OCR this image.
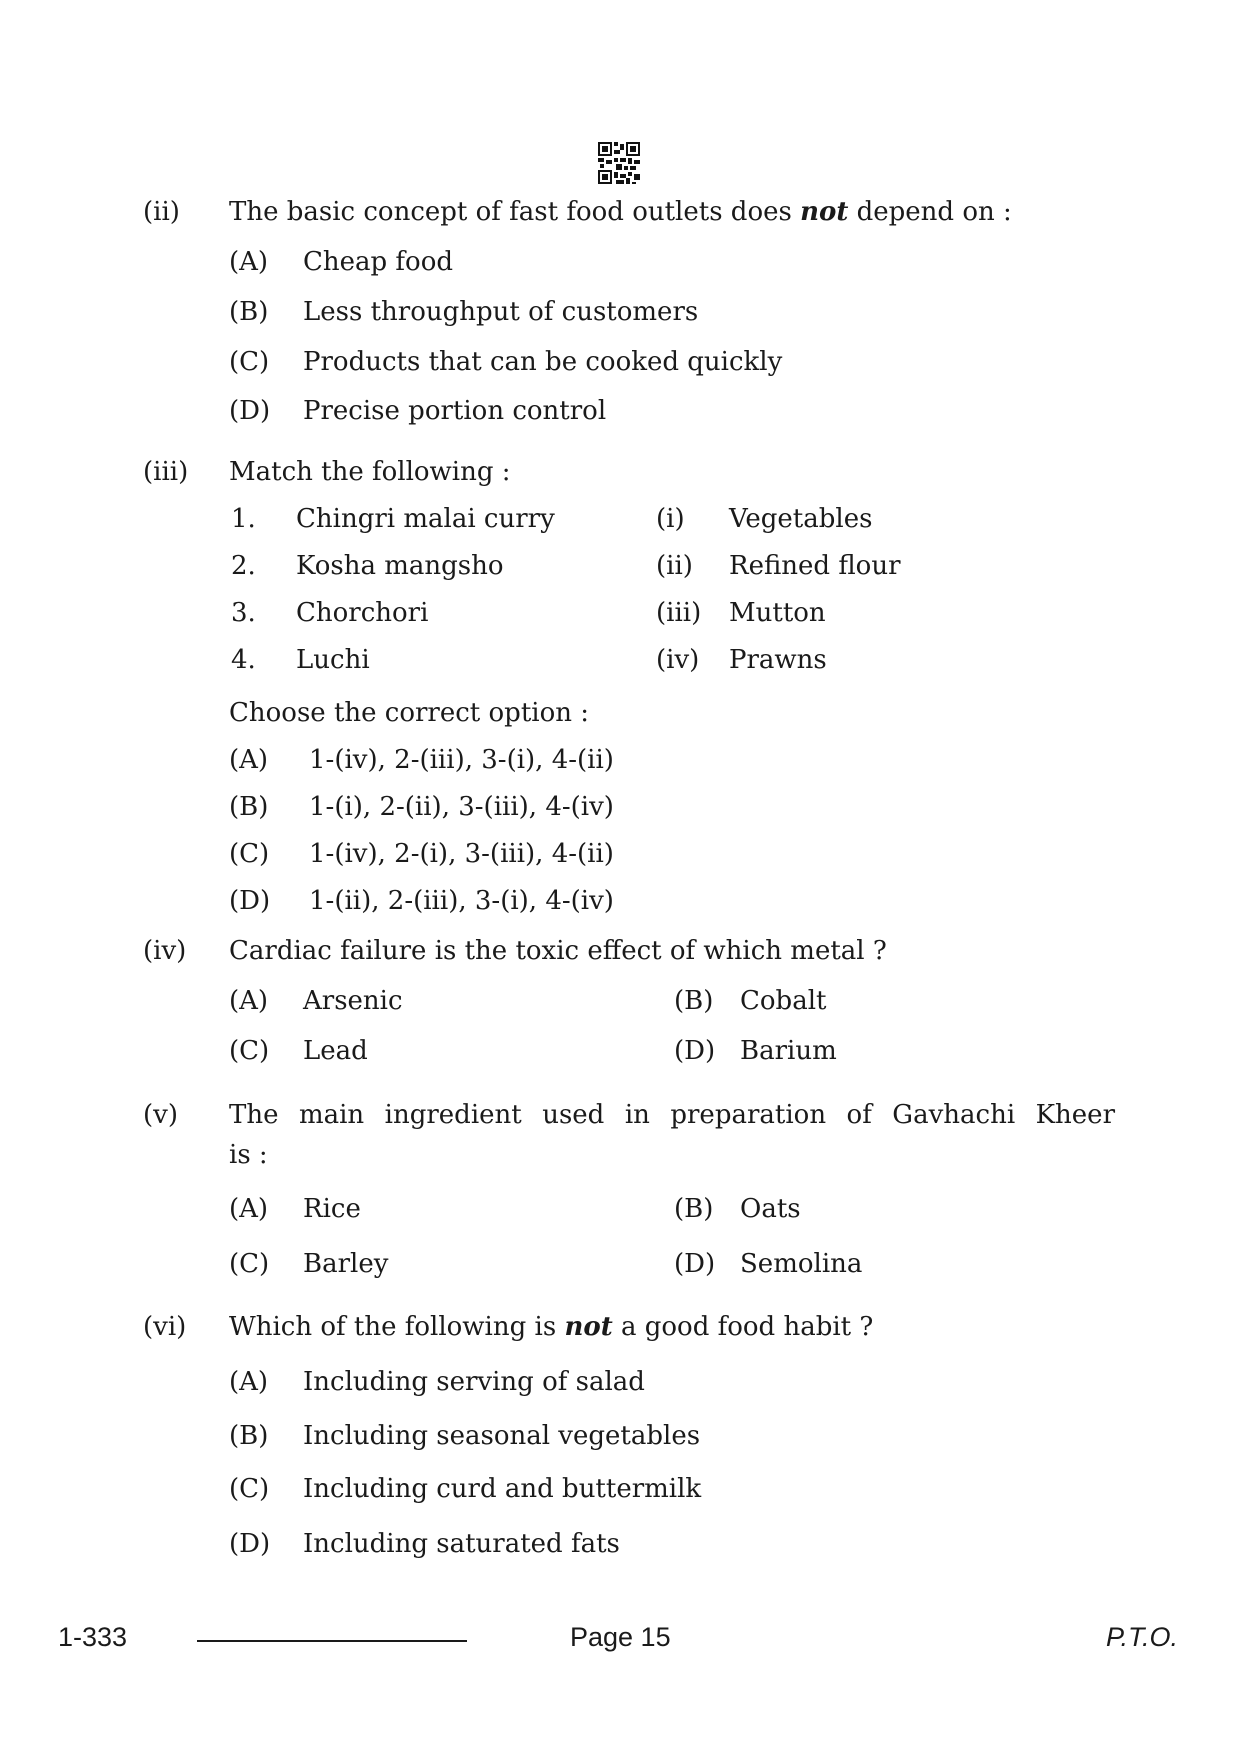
(ii) The basic concept of fast food outlets does not depend on :
(A) Cheap food
(B) Less throughput of customers
(C) Products that can be cooked quickly
(D) Precise portion control
(iii) Match the following :
1. Chingri malai curry	(i) Vegetables
2. Kosha mangsho	(ii) Refined flour
3. Chorchori	(iii) Mutton
4. Luchi	(iv) Prawns
Choose the correct option :
(A) 1-(iv), 2-(iii), 3-(i), 4-(ii)
(B) 1-(i), 2-(ii), 3-(iii), 4-(iv)
(C) 1-(iv), 2-(i), 3-(iii), 4-(ii)
(D) 1-(ii), 2-(iii), 3-(i), 4-(iv)
(iv) Cardiac failure is the toxic effect of which metal ?
(A) Arsenic	(B) Cobalt
(C) Lead	(D) Barium
(v) The main ingredient used in preparation of Gavhachi Kheer
is :
(A) Rice	(B) Oats
(C) Barley	(D) Semolina
(vi) Which of the following is not a good food habit ?
(A) Including serving of salad
(B) Including seasonal vegetables
(C) Including curd and buttermilk
(D) Including saturated fats
1-333	Page 15	P.T.O.
